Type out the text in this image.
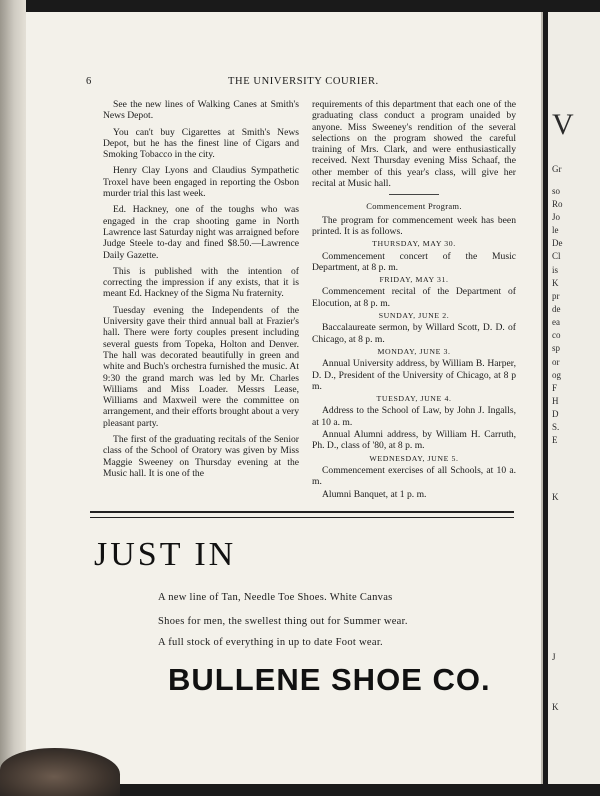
V
Gr
so
Ro
Jo
le
De
Cl
is
K
pr
de
ea
co
sp
or
og
F
H
D
S.
E
K
J
K
6	THE UNIVERSITY COURIER.

See the new lines of Walking Canes at Smith's News Depot.

You can't buy Cigarettes at Smith's News Depot, but he has the finest line of Cigars and Smoking Tobacco in the city.

Henry Clay Lyons and Claudius Sympathetic Troxel have been engaged in reporting the Osbon murder trial this last week.

Ed. Hackney, one of the toughs who was engaged in the crap shooting game in North Lawrence last Saturday night was arraigned before Judge Steele to-day and fined $8.50.—Lawrence Daily Gazette.

This is published with the intention of correcting the impression if any exists, that it is meant Ed. Hackney of the Sigma Nu fraternity.

Tuesday evening the Independents of the University gave their third annual ball at Frazier's hall. There were forty couples present including several guests from Topeka, Holton and Denver. The hall was decorated beautifully in green and white and Buch's orchestra furnished the music. At 9:30 the grand march was led by Mr. Charles Williams and Miss Loader. Messrs Lease, Williams and Maxweil were the committee on arrangement, and their efforts brought about a very pleasant party.

The first of the graduating recitals of the Senior class of the School of Oratory was given by Miss Maggie Sweeney on Thursday evening at the Music hall. It is one of the

requirements of this department that each one of the graduating class conduct a program unaided by anyone. Miss Sweeney's rendition of the several selections on the program showed the careful training of Mrs. Clark, and were enthusiastically received. Next Thursday evening Miss Schaaf, the other member of this year's class, will give her recital at Music hall.

Commencement Program.

The program for commencement week has been printed. It is as follows.

THURSDAY, MAY 30.

Commencement concert of the Music Department, at 8 p. m.

FRIDAY, MAY 31.

Commencement recital of the Department of Elocution, at 8 p. m.

SUNDAY, JUNE 2.

Baccalaureate sermon, by Willard Scott, D. D. of Chicago, at 8 p. m.

MONDAY, JUNE 3.

Annual University address, by William B. Harper, D. D., President of the University of Chicago, at 8 p m.

TUESDAY, JUNE 4.

Address to the School of Law, by John J. Ingalls, at 10 a. m.

Annual Alumni address, by William H. Carruth, Ph. D., class of '80, at 8 p. m.

WEDNESDAY, JUNE 5.

Commencement exercises of all Schools, at 10 a. m.

Alumni Banquet, at 1 p. m.

JUST IN
A new line of Tan, Needle Toe Shoes. White Canvas
Shoes for men, the swellest thing out for Summer wear.
A full stock of everything in up to date Foot wear.
BULLENE SHOE CO.
